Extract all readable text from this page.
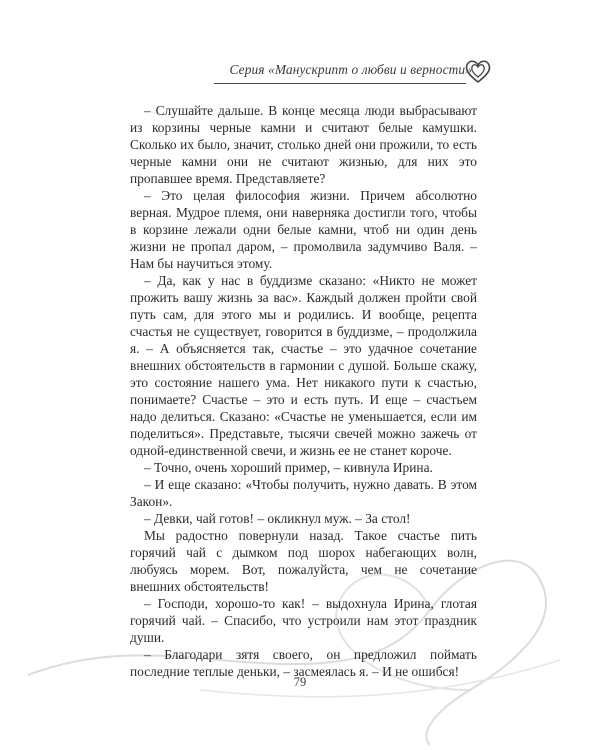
Серия «Манускрипт о любви и верности»

– Слушайте дальше. В конце месяца люди выбрасывают из корзины черные камни и считают белые камушки. Сколько их было, значит, столько дней они прожили, то есть черные камни они не считают жизнью, для них это пропавшее время. Представляете?

– Это целая философия жизни. Причем абсолютно верная. Мудрое племя, они наверняка достигли того, чтобы в корзине лежали одни белые камни, чтоб ни один день жизни не пропал даром, – промолвила задумчиво Валя. – Нам бы научиться этому.

– Да, как у нас в буддизме сказано: «Никто не может прожить вашу жизнь за вас». Каждый должен пройти свой путь сам, для этого мы и родились. И вообще, рецепта счастья не существует, говорится в буддизме, – продолжила я. – А объясняется так, счастье – это удачное сочетание внешних обстоятельств в гармонии с душой. Больше скажу, это состояние нашего ума. Нет никакого пути к счастью, понимаете? Счастье – это и есть путь. И еще – счастьем надо делиться. Сказано: «Счастье не уменьшается, если им поделиться». Представьте, тысячи свечей можно зажечь от одной-единственной свечи, и жизнь ее не станет короче.

– Точно, очень хороший пример, – кивнула Ирина.

– И еще сказано: «Чтобы получить, нужно давать. В этом Закон».

– Девки, чай готов! – окликнул муж. – За стол!

Мы радостно повернули назад. Такое счастье пить горячий чай с дымком под шорох набегающих волн, любуясь морем. Вот, пожалуйста, чем не сочетание внешних обстоятельств!

– Господи, хорошо-то как! – выдохнула Ирина, глотая горячий чай. – Спасибо, что устроили нам этот праздник души.

– Благодари зятя своего, он предложил поймать последние теплые деньки, – засмеялась я. – И не ошибся!

79
